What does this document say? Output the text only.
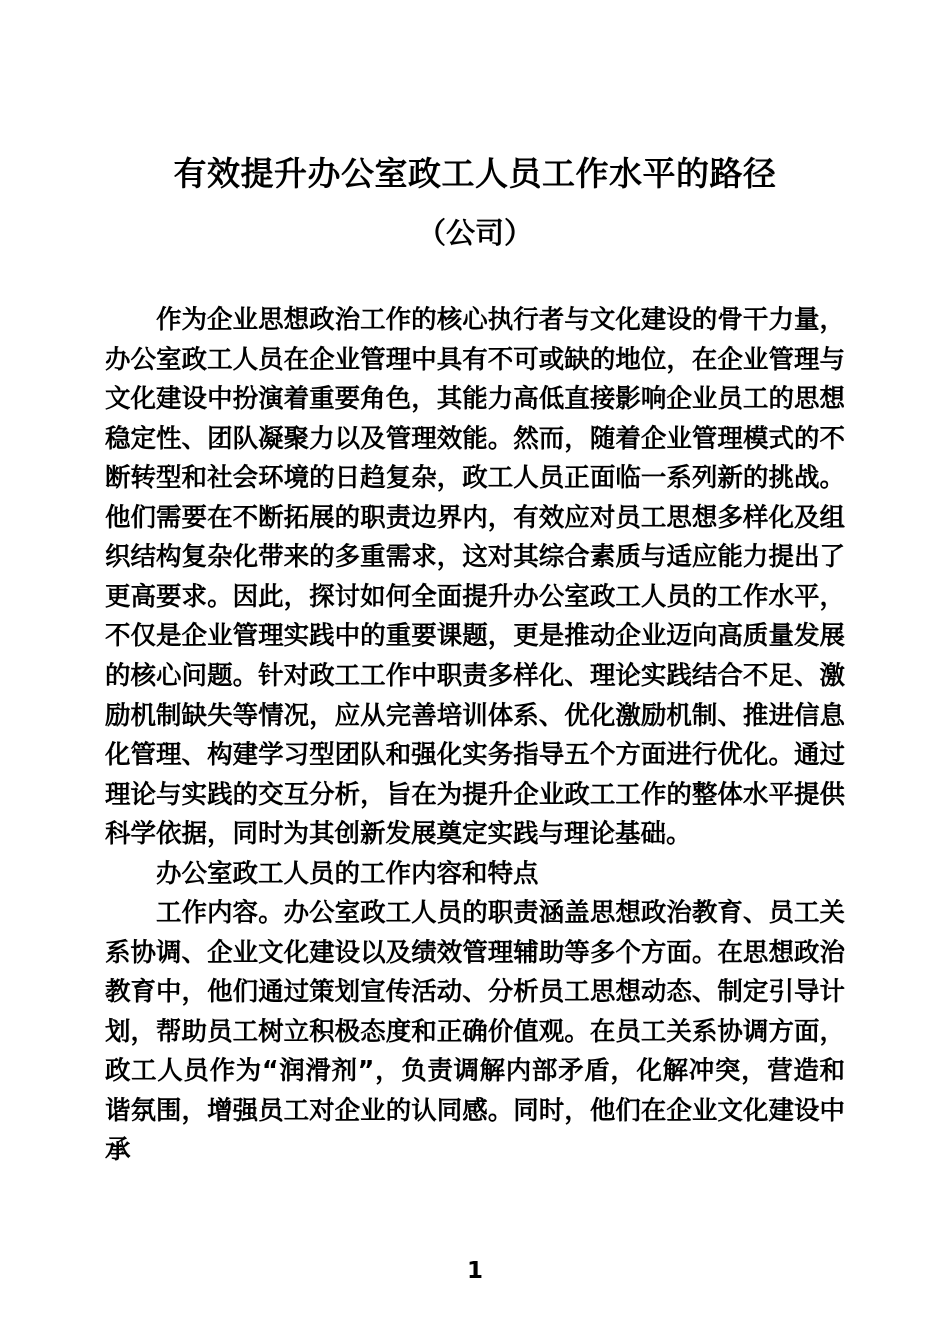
有效提升办公室政工人员工作水平的路径
（公司）

作为企业思想政治工作的核心执行者与文化建设的骨干力量，办公室政工人员在企业管理中具有不可或缺的地位，在企业管理与文化建设中扮演着重要角色，其能力高低直接影响企业员工的思想稳定性、团队凝聚力以及管理效能。然而，随着企业管理模式的不断转型和社会环境的日趋复杂，政工人员正面临一系列新的挑战。他们需要在不断拓展的职责边界内，有效应对员工思想多样化及组织结构复杂化带来的多重需求，这对其综合素质与适应能力提出了更高要求。因此，探讨如何全面提升办公室政工人员的工作水平，不仅是企业管理实践中的重要课题，更是推动企业迈向高质量发展的核心问题。针对政工工作中职责多样化、理论实践结合不足、激励机制缺失等情况，应从完善培训体系、优化激励机制、推进信息化管理、构建学习型团队和强化实务指导五个方面进行优化。通过理论与实践的交互分析，旨在为提升企业政工工作的整体水平提供科学依据，同时为其创新发展奠定实践与理论基础。

办公室政工人员的工作内容和特点

工作内容。办公室政工人员的职责涵盖思想政治教育、员工关系协调、企业文化建设以及绩效管理辅助等多个方面。在思想政治教育中，他们通过策划宣传活动、分析员工思想动态、制定引导计划，帮助员工树立积极态度和正确价值观。在员工关系协调方面，政工人员作为“润滑剂”，负责调解内部矛盾，化解冲突，营造和谐氛围，增强员工对企业的认同感。同时，他们在企业文化建设中承

1
